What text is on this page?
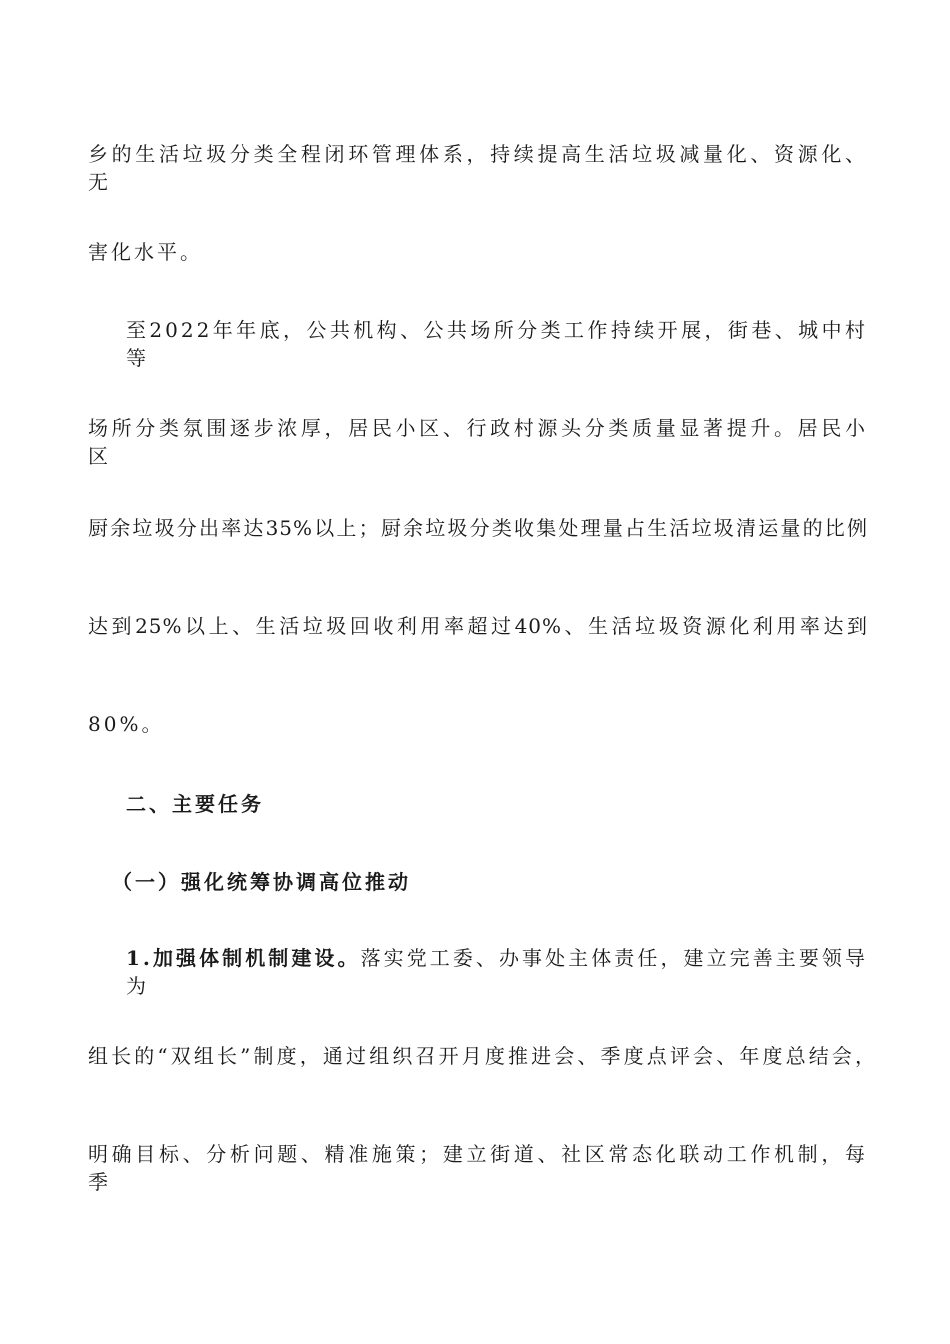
乡的生活垃圾分类全程闭环管理体系，持续提高生活垃圾减量化、资源化、无
害化水平。
至2022年年底，公共机构、公共场所分类工作持续开展，街巷、城中村等
场所分类氛围逐步浓厚，居民小区、行政村源头分类质量显著提升。居民小区
厨余垃圾分出率达35%以上；厨余垃圾分类收集处理量占生活垃圾清运量的比例
达到25%以上、生活垃圾回收利用率超过40%、生活垃圾资源化利用率达到
80%。
二、主要任务
（一）强化统筹协调高位推动
1.加强体制机制建设。落实党工委、办事处主体责任，建立完善主要领导为
组长的“双组长”制度，通过组织召开月度推进会、季度点评会、年度总结会，
明确目标、分析问题、精准施策；建立街道、社区常态化联动工作机制，每季
